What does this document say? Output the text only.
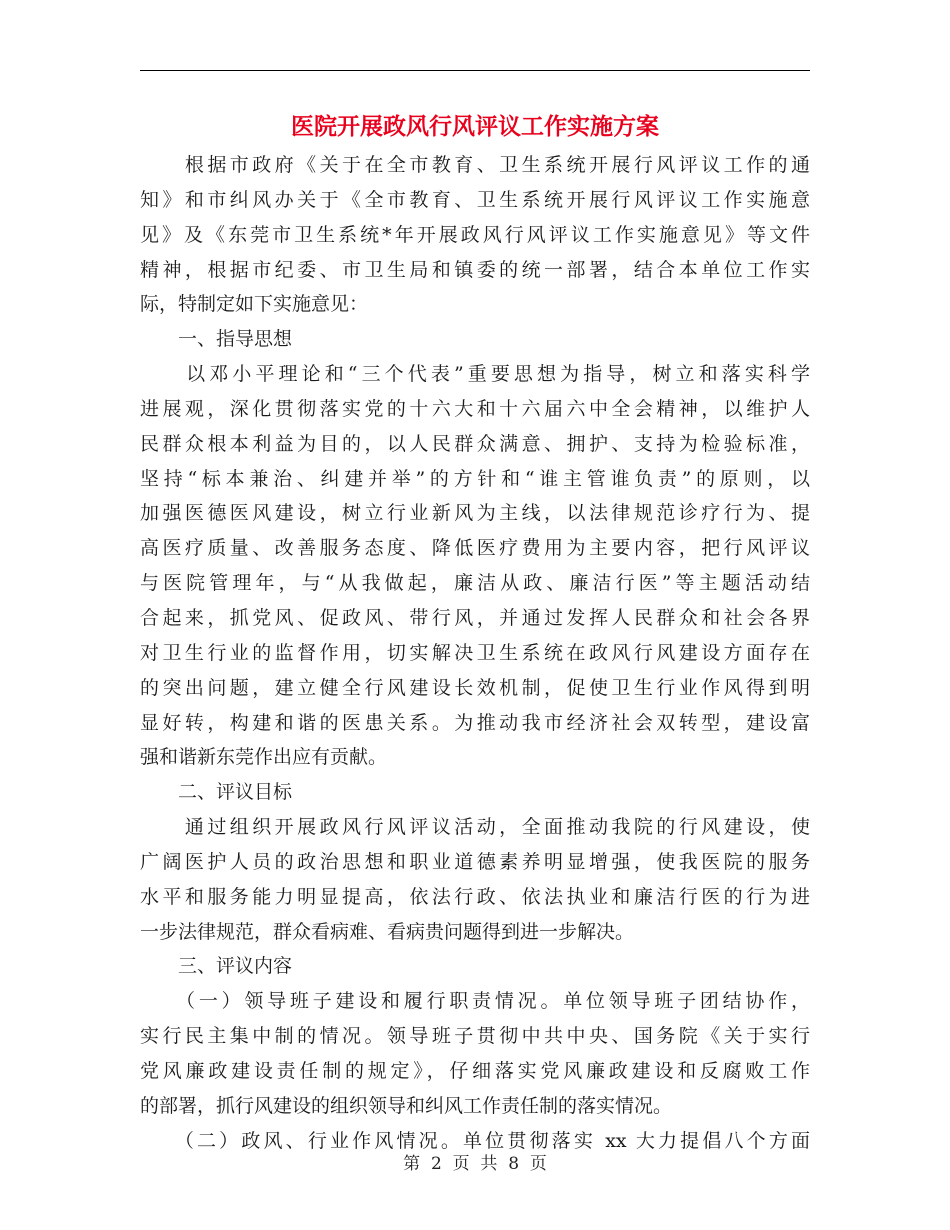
医院开展政风行风评议工作实施方案
　　根据市政府《关于在全市教育、卫生系统开展行风评议工作的通
知》和市纠风办关于《全市教育、卫生系统开展行风评议工作实施意
见》及《东莞市卫生系统*年开展政风行风评议工作实施意见》等文件
精神，根据市纪委、市卫生局和镇委的统一部署，结合本单位工作实
际，特制定如下实施意见：
　　一、指导思想
　　以邓小平理论和“三个代表”重要思想为指导，树立和落实科学
进展观，深化贯彻落实党的十六大和十六届六中全会精神，以维护人
民群众根本利益为目的，以人民群众满意、拥护、支持为检验标准，
坚持“标本兼治、纠建并举”的方针和“谁主管谁负责”的原则，以
加强医德医风建设，树立行业新风为主线，以法律规范诊疗行为、提
高医疗质量、改善服务态度、降低医疗费用为主要内容，把行风评议
与医院管理年，与“从我做起，廉洁从政、廉洁行医”等主题活动结
合起来，抓党风、促政风、带行风，并通过发挥人民群众和社会各界
对卫生行业的监督作用，切实解决卫生系统在政风行风建设方面存在
的突出问题，建立健全行风建设长效机制，促使卫生行业作风得到明
显好转，构建和谐的医患关系。为推动我市经济社会双转型，建设富
强和谐新东莞作出应有贡献。
　　二、评议目标
　　通过组织开展政风行风评议活动，全面推动我院的行风建设，使
广阔医护人员的政治思想和职业道德素养明显增强，使我医院的服务
水平和服务能力明显提高，依法行政、依法执业和廉洁行医的行为进
一步法律规范，群众看病难、看病贵问题得到进一步解决。
　　三、评议内容
　　（一）领导班子建设和履行职责情况。单位领导班子团结协作，
实行民主集中制的情况。领导班子贯彻中共中央、国务院《关于实行
党风廉政建设责任制的规定》，仔细落实党风廉政建设和反腐败工作
的部署，抓行风建设的组织领导和纠风工作责任制的落实情况。
　　（二）政风、行业作风情况。单位贯彻落实 xx 大力提倡八个方面
第  2  页  共  8  页
